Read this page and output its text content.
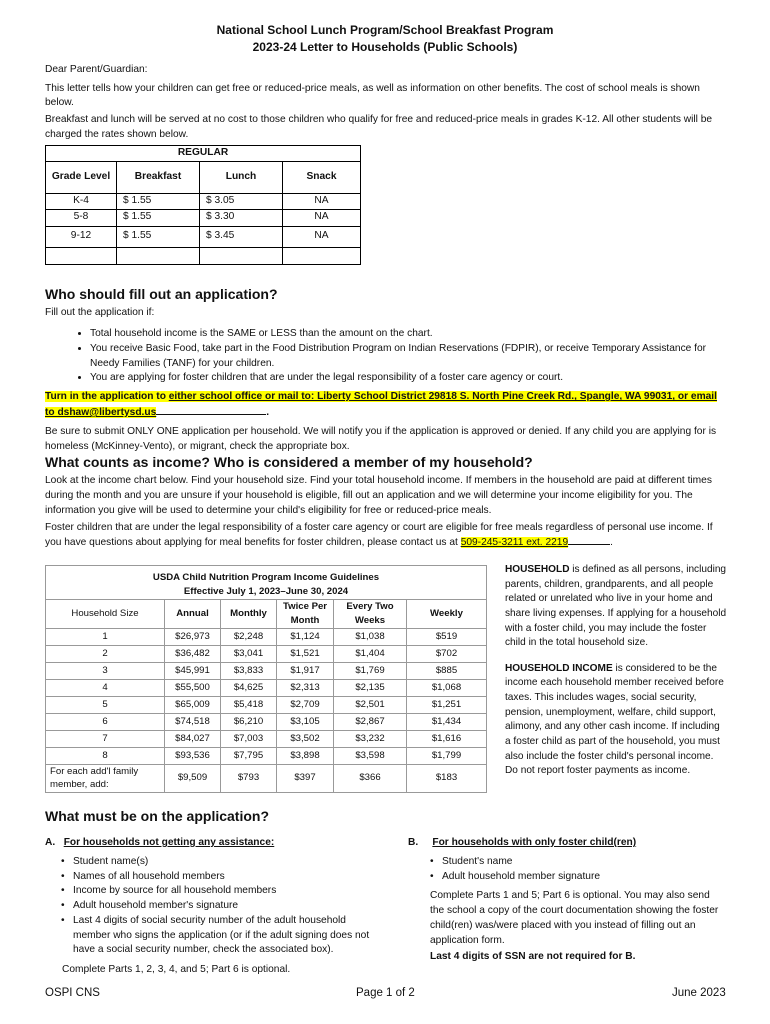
National School Lunch Program/School Breakfast Program
2023-24 Letter to Households (Public Schools)

Dear Parent/Guardian:

This letter tells how your children can get free or reduced-price meals, as well as information on other benefits. The cost of school meals is shown below.

Breakfast and lunch will be served at no cost to those children who qualify for free and reduced-price meals in grades K-12. All other students will be charged the rates shown below.

REGULAR			
Grade Level	Breakfast	Lunch	Snack
K-4	$ 1.55	$ 3.05	NA
5-8	$ 1.55	$ 3.30	NA
9-12	$ 1.55	$ 3.45	NA

Who should fill out an application?

Fill out the application if:

• Total household income is the SAME or LESS than the amount on the chart.
• You receive Basic Food, take part in the Food Distribution Program on Indian Reservations (FDPIR), or receive Temporary Assistance for Needy Families (TANF) for your children.
• You are applying for foster children that are under the legal responsibility of a foster care agency or court.

Turn in the application to either school office or mail to: Liberty School District 29818 S. North Pine Creek Rd., Spangle, WA 99031, or email to dshaw@libertysd.us	.

Be sure to submit ONLY ONE application per household. We will notify you if the application is approved or denied. If any child you are applying for is homeless (McKinney-Vento), or migrant, check the appropriate box.

What counts as income? Who is considered a member of my household?

Look at the income chart below. Find your household size. Find your total household income. If members in the household are paid at different times during the month and you are unsure if your household is eligible, fill out an application and we will determine your income eligibility for you. The information you give will be used to determine your child's eligibility for free or reduced-price meals.

Foster children that are under the legal responsibility of a foster care agency or court are eligible for free meals regardless of personal use income. If you have questions about applying for meal benefits for foster children, please contact us at 509-245-3211 ext. 2219	.

USDA Child Nutrition Program Income Guidelines
Effective July 1, 2023–June 30, 2024					

Household Size	Annual	Monthly	Twice Per Month	Every Two Weeks	Weekly
1	$26,973	$2,248	$1,124	$1,038	$519
2	$36,482	$3,041	$1,521	$1,404	$702
3	$45,991	$3,833	$1,917	$1,769	$885
4	$55,500	$4,625	$2,313	$2,135	$1,068
5	$65,009	$5,418	$2,709	$2,501	$1,251
6	$74,518	$6,210	$3,105	$2,867	$1,434
7	$84,027	$7,003	$3,502	$3,232	$1,616
8	$93,536	$7,795	$3,898	$3,598	$1,799
For each add'l family member, add:	$9,509	$793	$397	$366	$183

HOUSEHOLD is defined as all persons, including parents, children, grandparents, and all people related or unrelated who live in your home and share living expenses. If applying for a household with a foster child, you may include the foster child in the total household size.

HOUSEHOLD INCOME is considered to be the income each household member received before taxes. This includes wages, social security, pension, unemployment, welfare, child support, alimony, and any other cash income. If including a foster child as part of the household, you must also include the foster child's personal income. Do not report foster payments as income.

What must be on the application?

A. For households not getting any assistance:

• Student name(s)
• Names of all household members
• Income by source for all household members
• Adult household member's signature
• Last 4 digits of social security number of the adult household member who signs the application (or if the adult signing does not have a social security number, check the associated box).

Complete Parts 1, 2, 3, 4, and 5; Part 6 is optional.

B. For households with only foster child(ren)

• Student's name
• Adult household member signature

Complete Parts 1 and 5; Part 6 is optional. You may also send the school a copy of the court documentation showing the foster child(ren) was/were placed with you instead of filling out an application form.

Last 4 digits of SSN are not required for B.

OSPI CNS	Page 1 of 2	June 2023
